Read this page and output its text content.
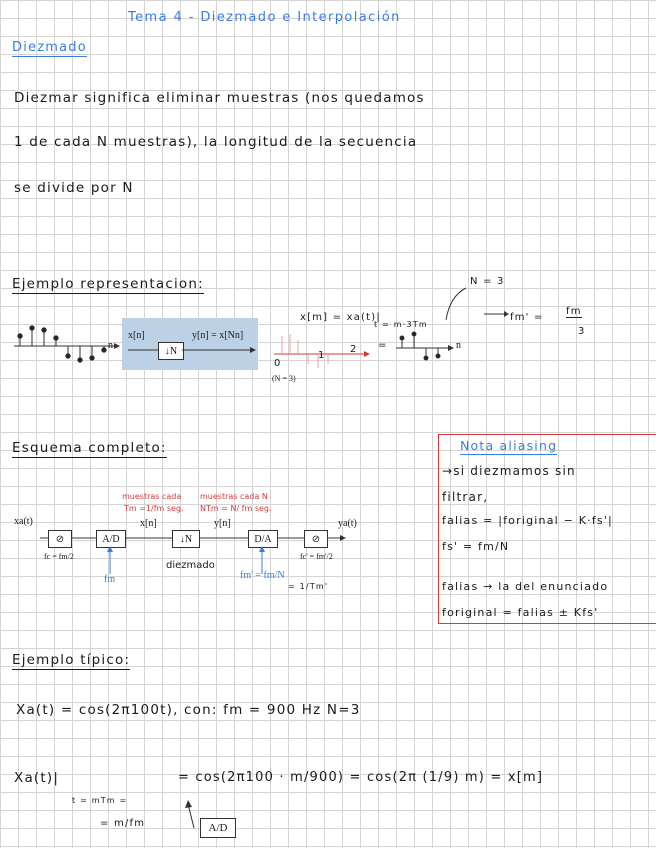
Tema 4 - Diezmado e Interpolación
Diezmado
Diezmar significa eliminar muestras (nos quedamos
1 de cada N muestras), la longitud de la secuencia
se divide por N
Ejemplo representacion:	N = 3
n
x[n]
↓N
y[n] = x[Nn]
x[m] = xa(t)|
t = m·3Tm
fm' =
fm
3
0
1
2 =
(N = 3)
n
Esquema completo:
muestras cada
Tm =1/fm seg.
muestras cada N
NTm = N/ fm seg.
xa(t)
⊘	A/D
x[n]
↓N
y[n]
D/A	⊘
ya(t)
fc = fm/2	fc' = fm'/2
fm
diezmado
fm' = fm/N
= 1/Tm'
Nota aliasing
→si diezmamos sin
filtrar,
falias = |foriginal − K·fs'|
fs' = fm/N
falias → la del enunciado
foriginal = falias ± Kfs'
Ejemplo típico:
Xa(t) = cos(2π100t), con: fm = 900 Hz N=3
Xa(t)|
t = mTm =
= cos(2π100 · m/900) = cos(2π (1/9) m) = x[m]
= m/fm	A/D
